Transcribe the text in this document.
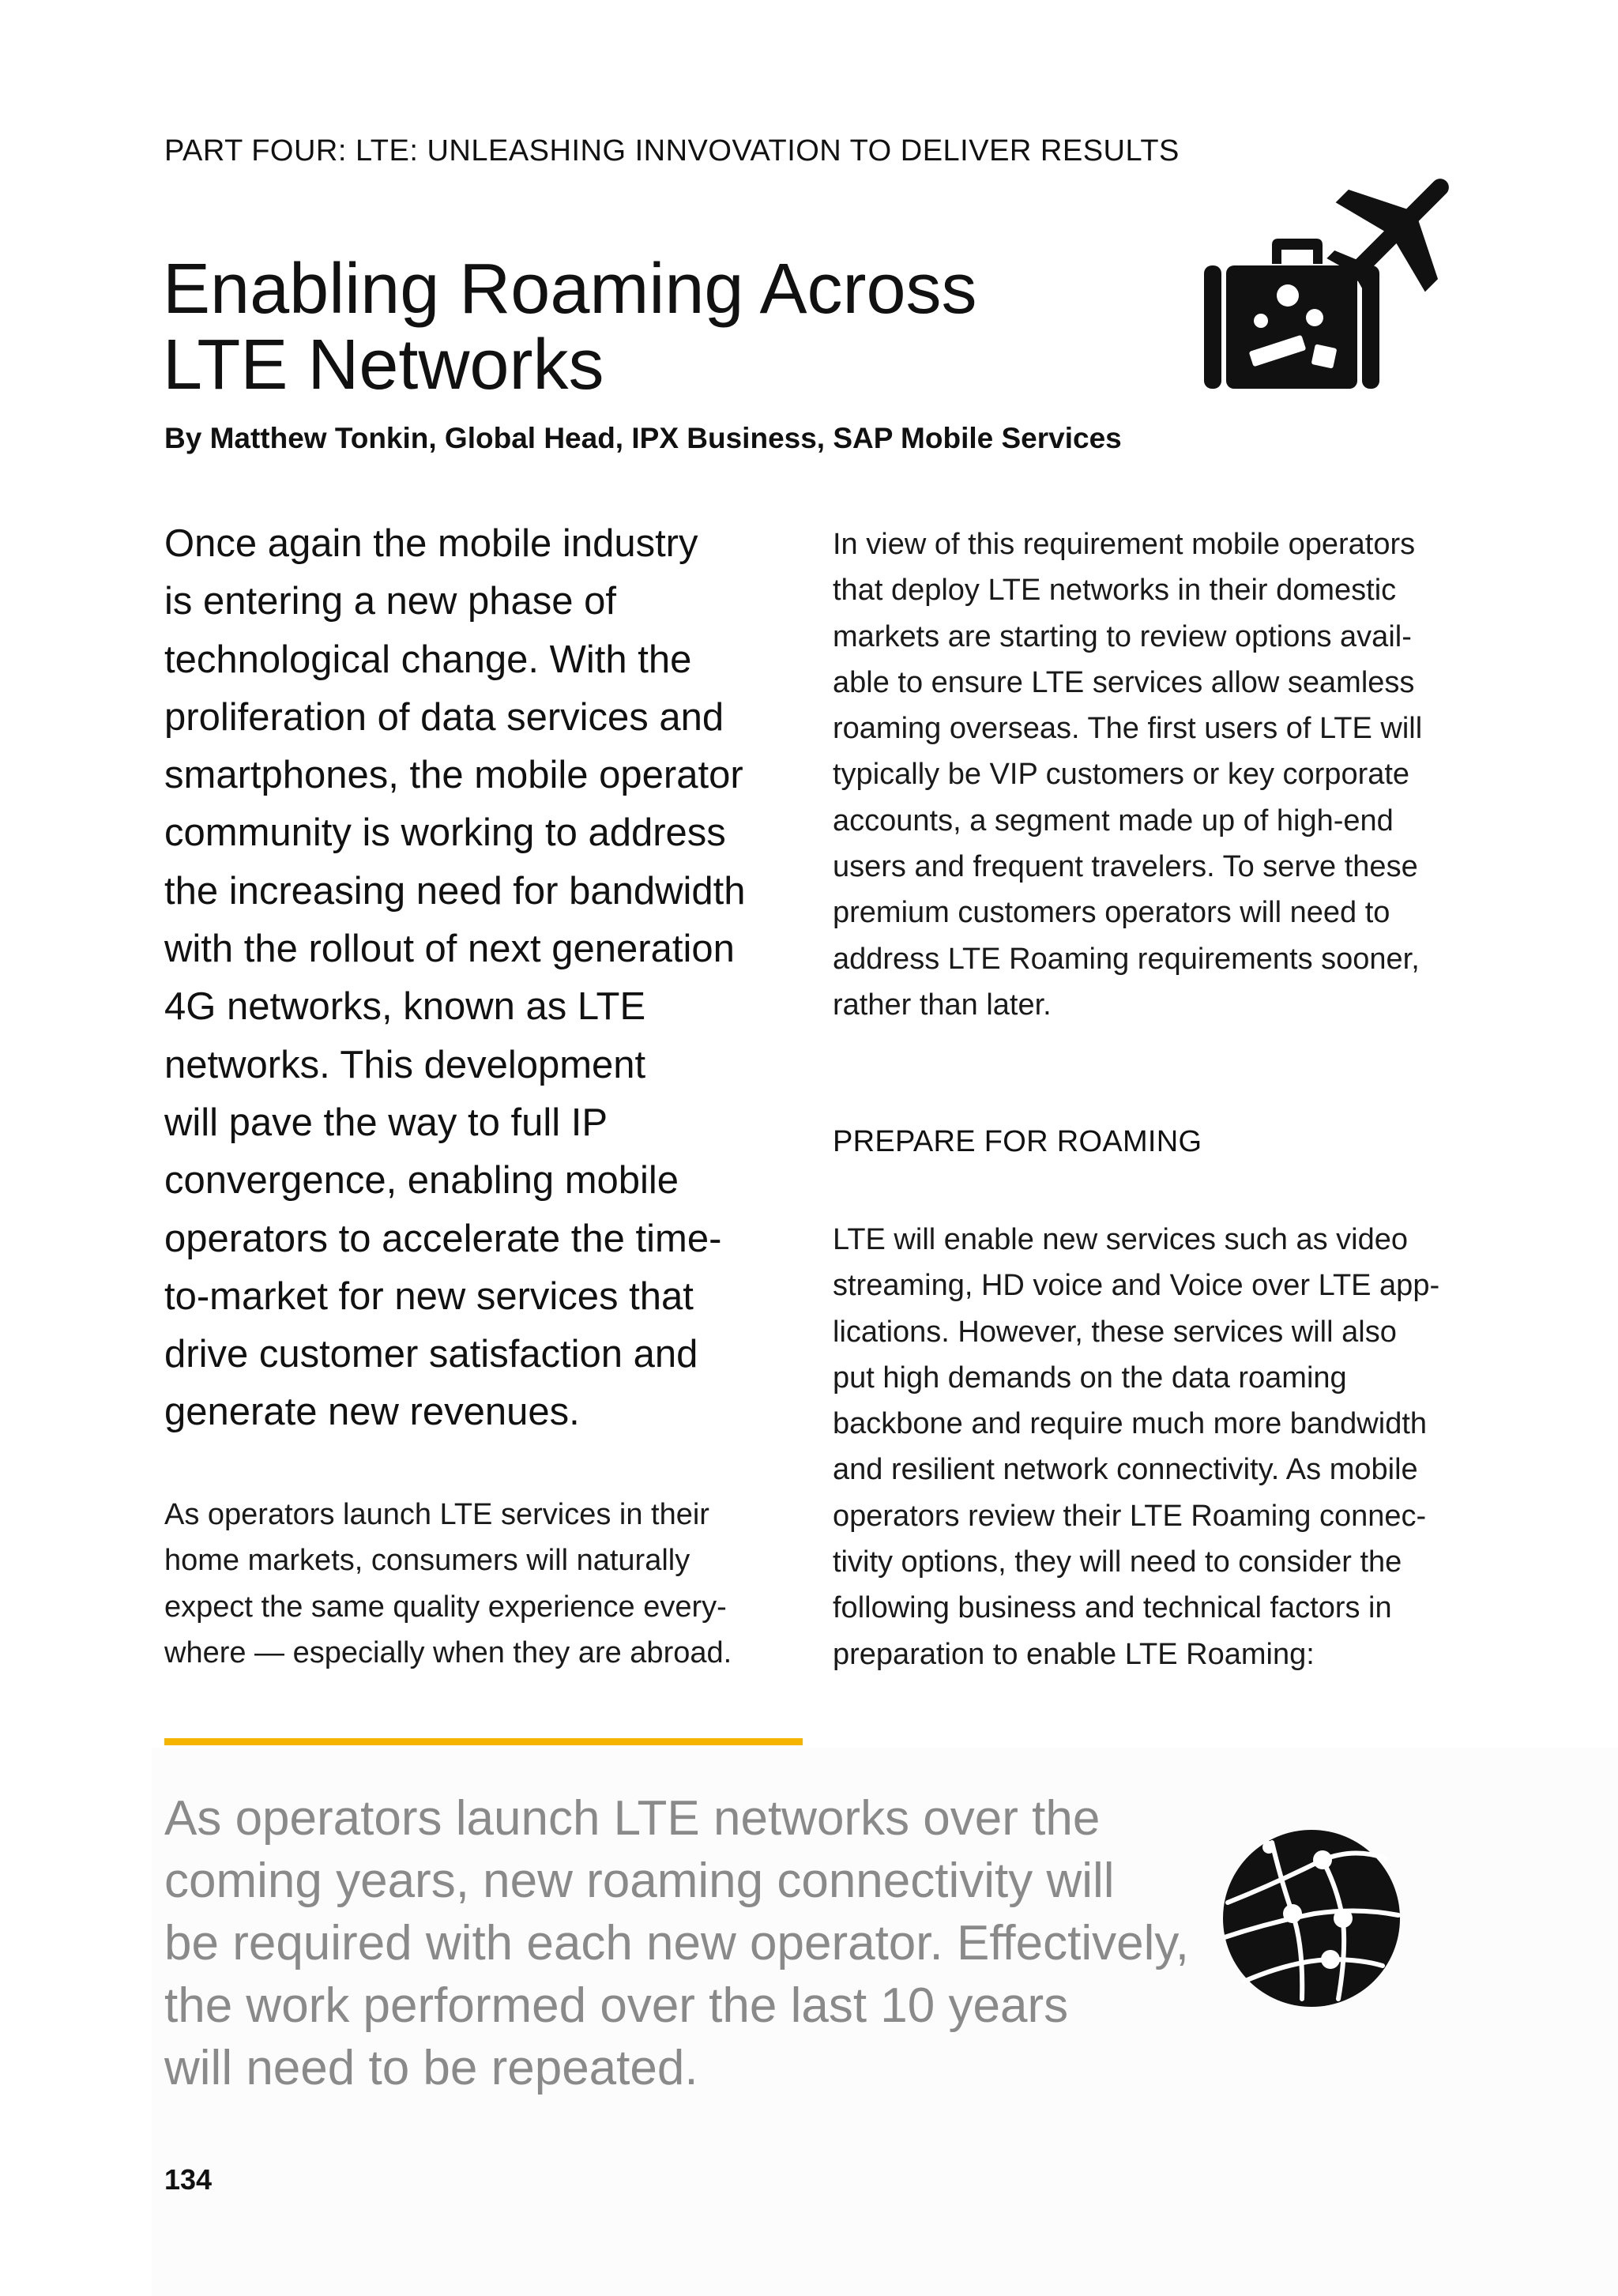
PART FOUR: LTE: UNLEASHING INNVOVATION TO DELIVER RESULTS
Enabling Roaming Across
LTE Networks
By Matthew Tonkin, Global Head, IPX Business, SAP Mobile Services

Once again the mobile industry
is entering a new phase of
technological change. With the
proliferation of data services and
smartphones, the mobile operator
community is working to address
the increasing need for bandwidth
with the rollout of next generation
4G networks, known as LTE
networks. This development
will pave the way to full IP
convergence, enabling mobile
operators to accelerate the time-
to-market for new services that
drive customer satisfaction and
generate new revenues.

As operators launch LTE services in their
home markets, consumers will naturally
expect the same quality experience every-
where — especially when they are abroad.

In view of this requirement mobile operators
that deploy LTE networks in their domestic
markets are starting to review options avail-
able to ensure LTE services allow seamless
roaming overseas. The first users of LTE will
typically be VIP customers or key corporate
accounts, a segment made up of high-end
users and frequent travelers. To serve these
premium customers operators will need to
address LTE Roaming requirements sooner,
rather than later.

PREPARE FOR ROAMING

LTE will enable new services such as video
streaming, HD voice and Voice over LTE app-
lications. However, these services will also
put high demands on the data roaming
backbone and require much more bandwidth
and resilient network connectivity. As mobile
operators review their LTE Roaming connec-
tivity options, they will need to consider the
following business and technical factors in
preparation to enable LTE Roaming:

As operators launch LTE networks over the
coming years, new roaming connectivity will
be required with each new operator. Effectively,
the work performed over the last 10 years
will need to be repeated.

134
